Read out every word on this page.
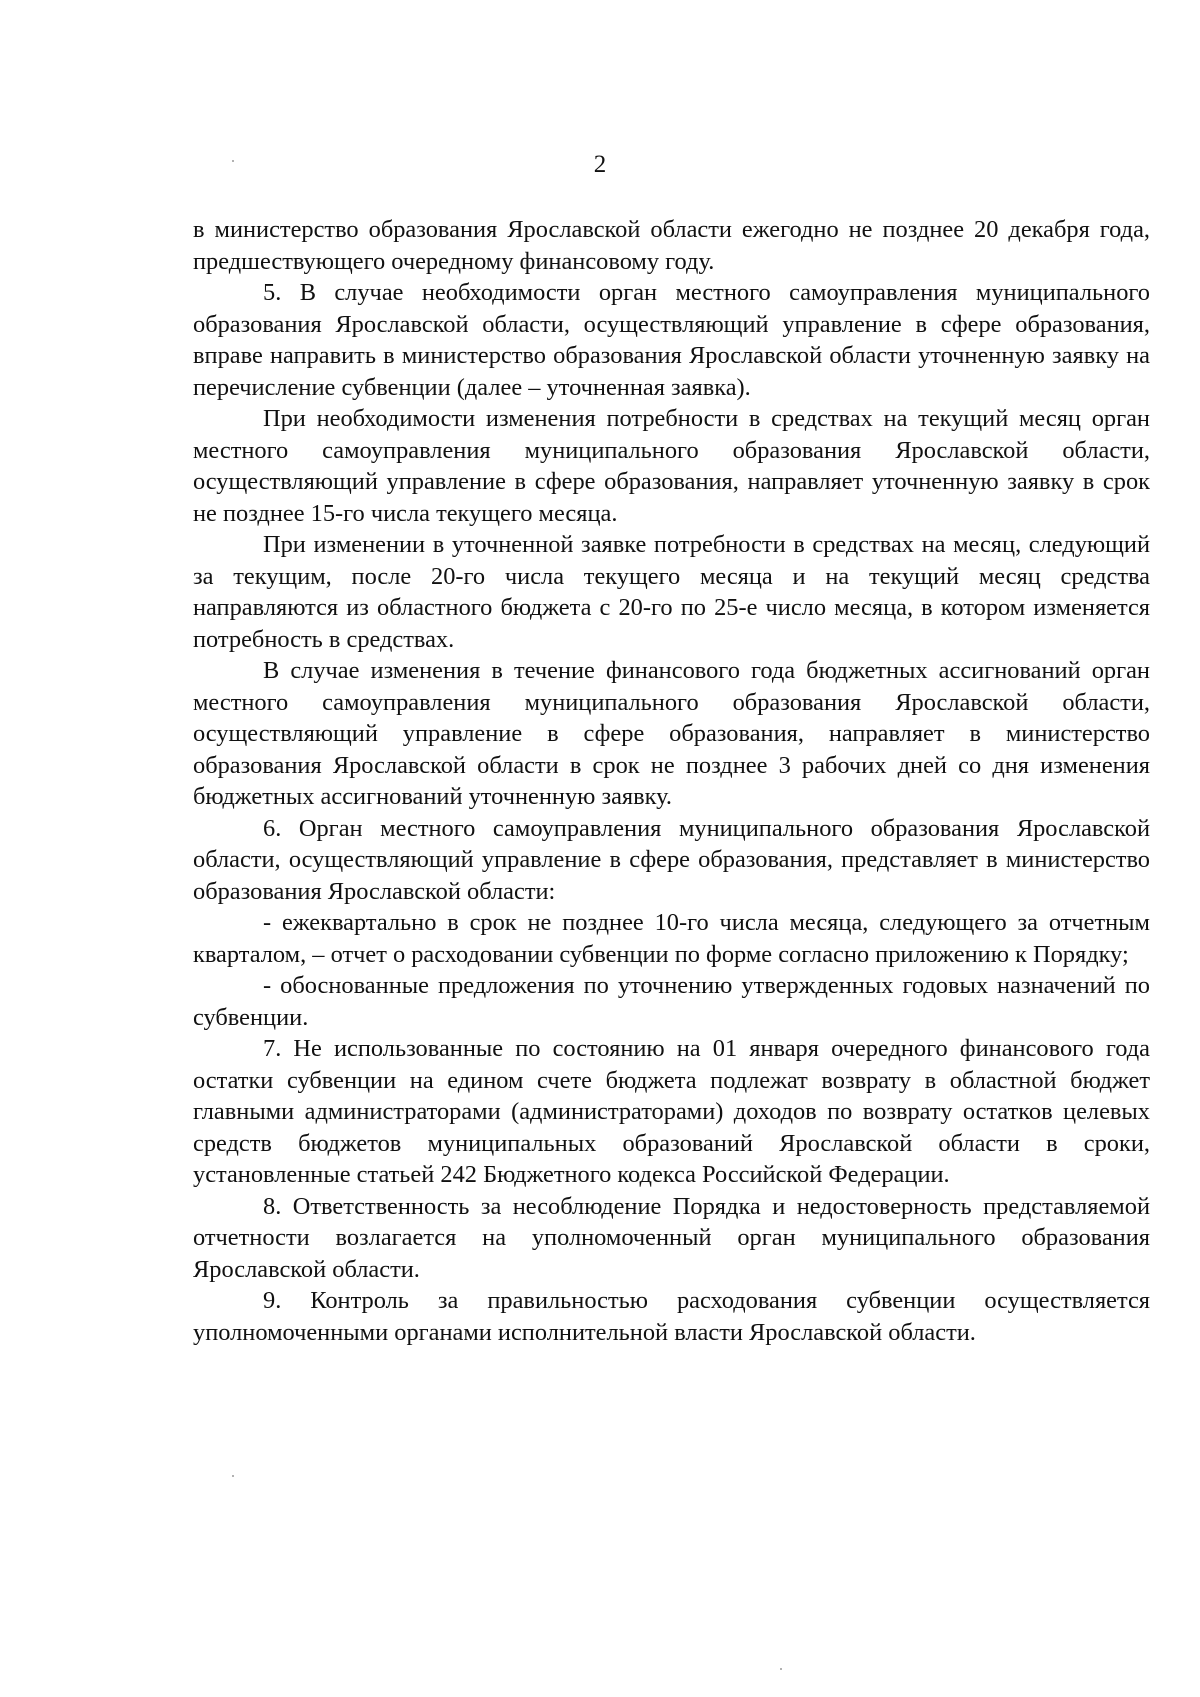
2

в министерство образования Ярославской области ежегодно не позднее 20 декабря года, предшествующего очередному финансовому году.

5. В случае необходимости орган местного самоуправления муниципального образования Ярославской области, осуществляющий управление в сфере образования, вправе направить в министерство образования Ярославской области уточненную заявку на перечисление субвенции (далее – уточненная заявка).

При необходимости изменения потребности в средствах на текущий месяц орган местного самоуправления муниципального образования Ярославской области, осуществляющий управление в сфере образования, направляет уточненную заявку в срок не позднее 15-го числа текущего месяца.

При изменении в уточненной заявке потребности в средствах на месяц, следующий за текущим, после 20-го числа текущего месяца и на текущий месяц средства направляются из областного бюджета с 20-го по 25-е число месяца, в котором изменяется потребность в средствах.

В случае изменения в течение финансового года бюджетных ассигнований орган местного самоуправления муниципального образования Ярославской области, осуществляющий управление в сфере образования, направляет в министерство образования Ярославской области в срок не позднее 3 рабочих дней со дня изменения бюджетных ассигнований уточненную заявку.

6. Орган местного самоуправления муниципального образования Ярославской области, осуществляющий управление в сфере образования, представляет в министерство образования Ярославской области:

- ежеквартально в срок не позднее 10-го числа месяца, следующего за отчетным кварталом, – отчет о расходовании субвенции по форме согласно приложению к Порядку;

- обоснованные предложения по уточнению утвержденных годовых назначений по субвенции.

7. Не использованные по состоянию на 01 января очередного финансового года остатки субвенции на едином счете бюджета подлежат возврату в областной бюджет главными администраторами (администраторами) доходов по возврату остатков целевых средств бюджетов муниципальных образований Ярославской области в сроки, установленные статьей 242 Бюджетного кодекса Российской Федерации.

8. Ответственность за несоблюдение Порядка и недостоверность представляемой отчетности возлагается на уполномоченный орган муниципального образования Ярославской области.

9. Контроль за правильностью расходования субвенции осуществляется уполномоченными органами исполнительной власти Ярославской области.
